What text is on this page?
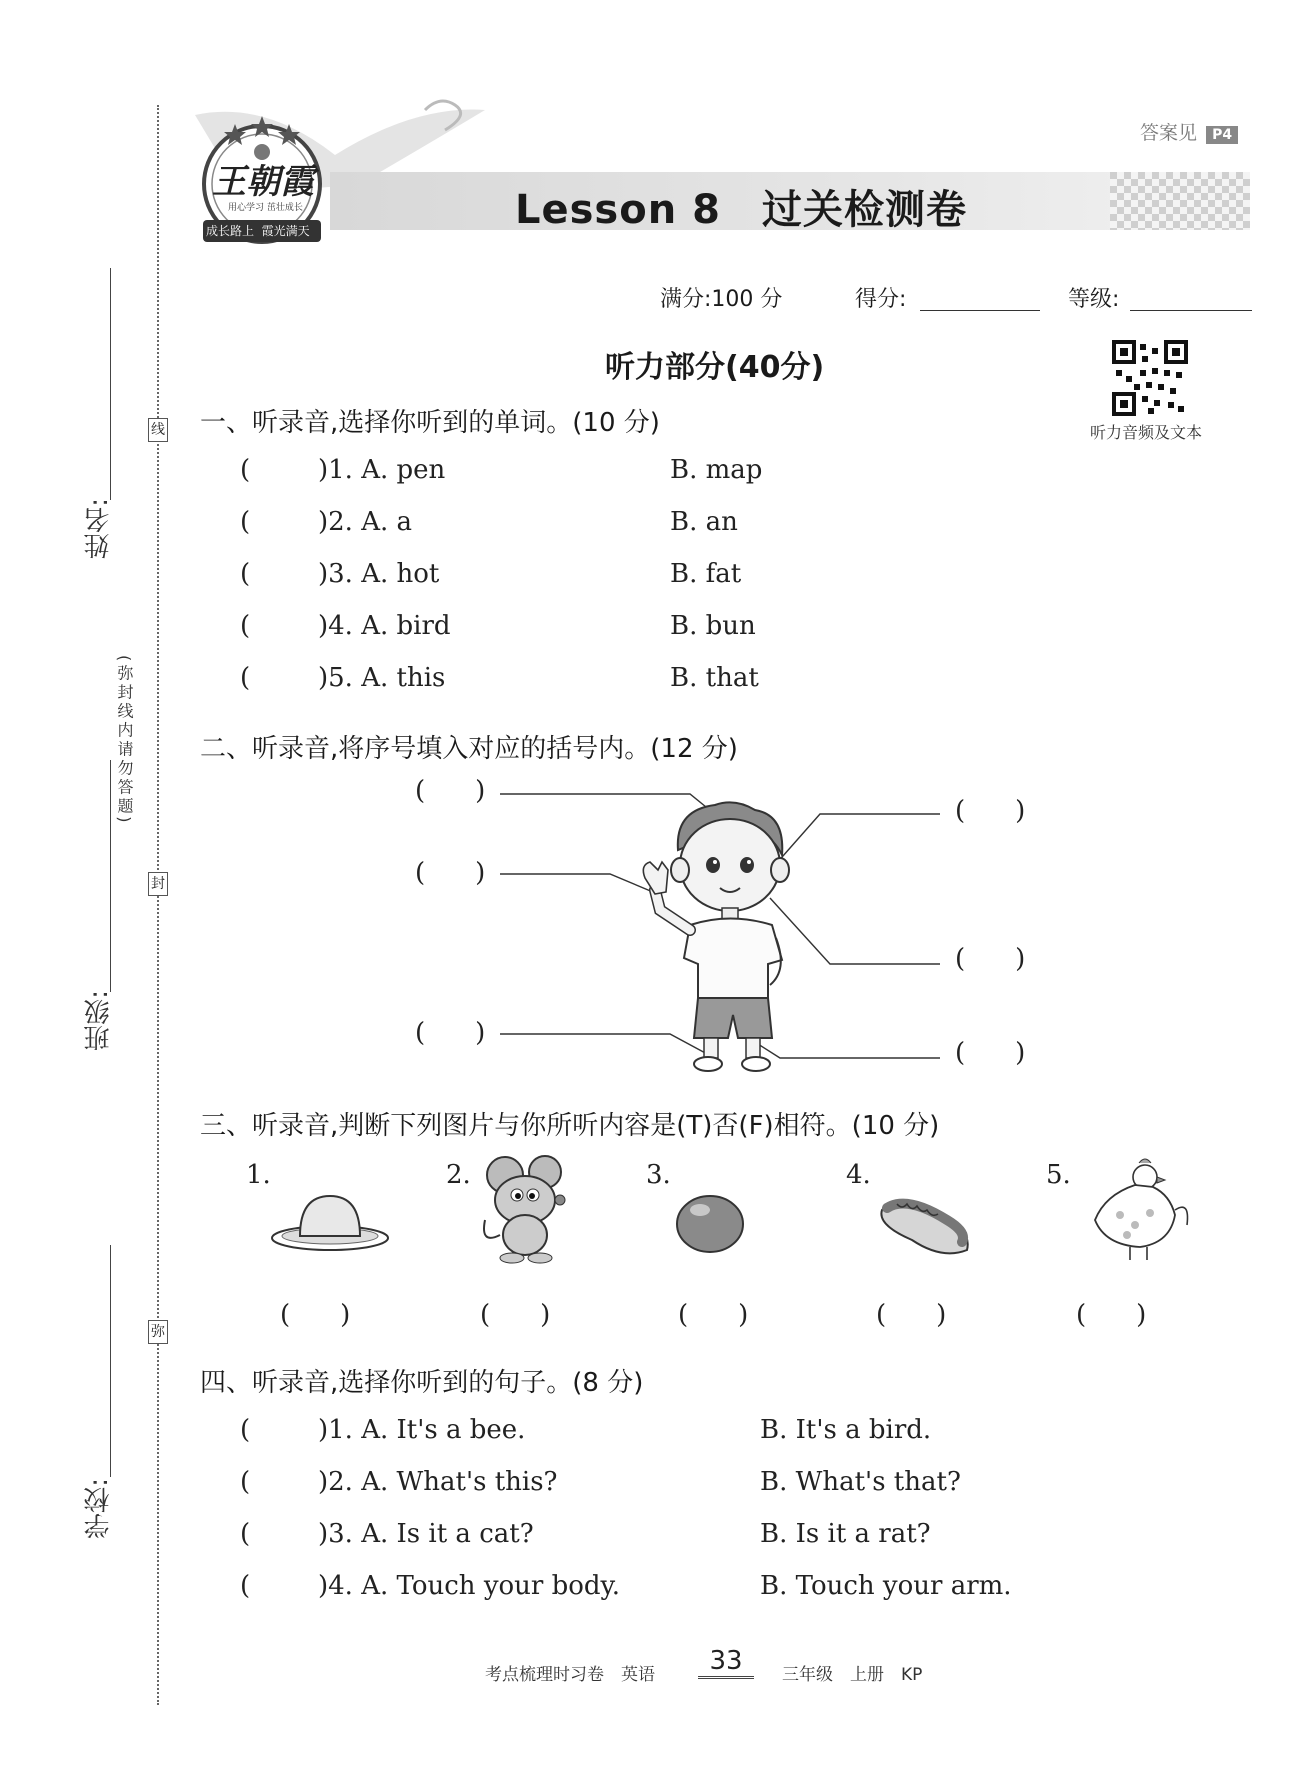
线
封
弥
(弥封线内请勿答题)
姓名:
班级:
学校:
答案见 P4
Lesson 8　过关检测卷
王朝霞
用心学习 茁壮成长
成长路上 霞光满天
满分:100 分	得分:	等级:
听力部分(40分)
听力音频及文本
一、听录音,选择你听到的单词。(10 分)
(	)1. A. pen	B. map
(	)2. A. a	B. an
(	)3. A. hot	B. fat
(	)4. A. bird	B. bun
(	)5. A. this	B. that
二、听录音,将序号填入对应的括号内。(12 分)
( )
( )
( )
( )
( )
( )
三、听录音,判断下列图片与你所听内容是(T)否(F)相符。(10 分)
1.	2.	3.	4.	5.
( )	( )	( )	( )	( )
四、听录音,选择你听到的句子。(8 分)
(	)1. A. It's a bee.	B. It's a bird.
(	)2. A. What's this?	B. What's that?
(	)3. A. Is it a cat?	B. Is it a rat?
(	)4. A. Touch your body.	B. Touch your arm.
考点梳理时习卷　英语	33	三年级　上册　KP
